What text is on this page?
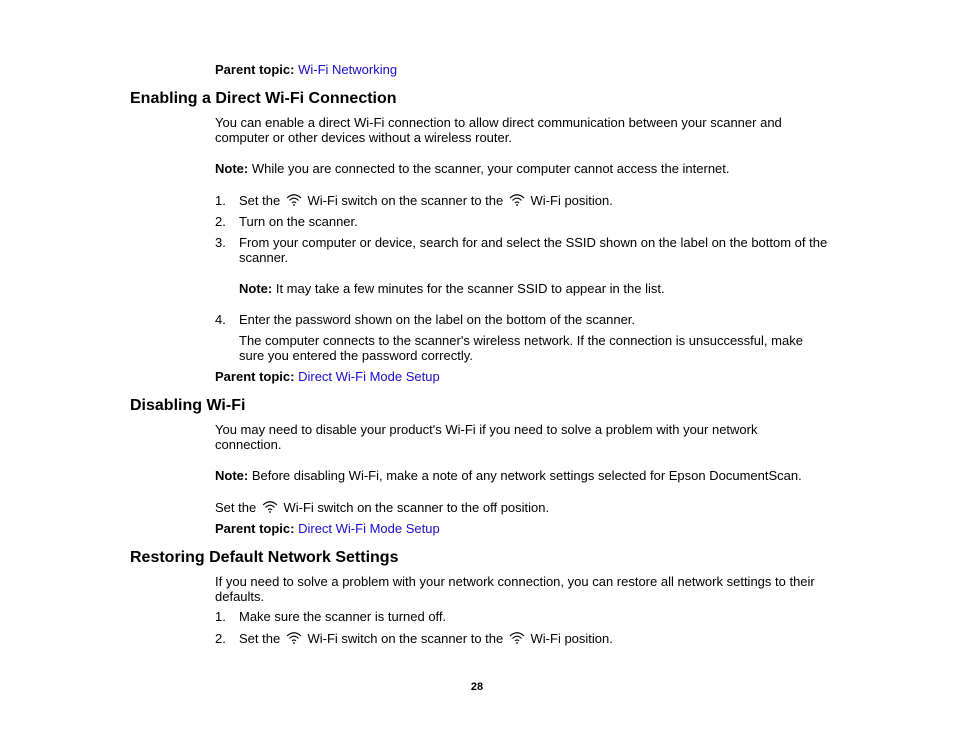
Parent topic: Wi-Fi Networking
Enabling a Direct Wi-Fi Connection
You can enable a direct Wi-Fi connection to allow direct communication between your scanner and computer or other devices without a wireless router.
Note: While you are connected to the scanner, your computer cannot access the internet.
1. Set the Wi-Fi switch on the scanner to the Wi-Fi position.
2. Turn on the scanner.
3. From your computer or device, search for and select the SSID shown on the label on the bottom of the scanner.
Note: It may take a few minutes for the scanner SSID to appear in the list.
4. Enter the password shown on the label on the bottom of the scanner.
The computer connects to the scanner's wireless network. If the connection is unsuccessful, make sure you entered the password correctly.
Parent topic: Direct Wi-Fi Mode Setup
Disabling Wi-Fi
You may need to disable your product's Wi-Fi if you need to solve a problem with your network connection.
Note: Before disabling Wi-Fi, make a note of any network settings selected for Epson DocumentScan.
Set the Wi-Fi switch on the scanner to the off position.
Parent topic: Direct Wi-Fi Mode Setup
Restoring Default Network Settings
If you need to solve a problem with your network connection, you can restore all network settings to their defaults.
1. Make sure the scanner is turned off.
2. Set the Wi-Fi switch on the scanner to the Wi-Fi position.
28
